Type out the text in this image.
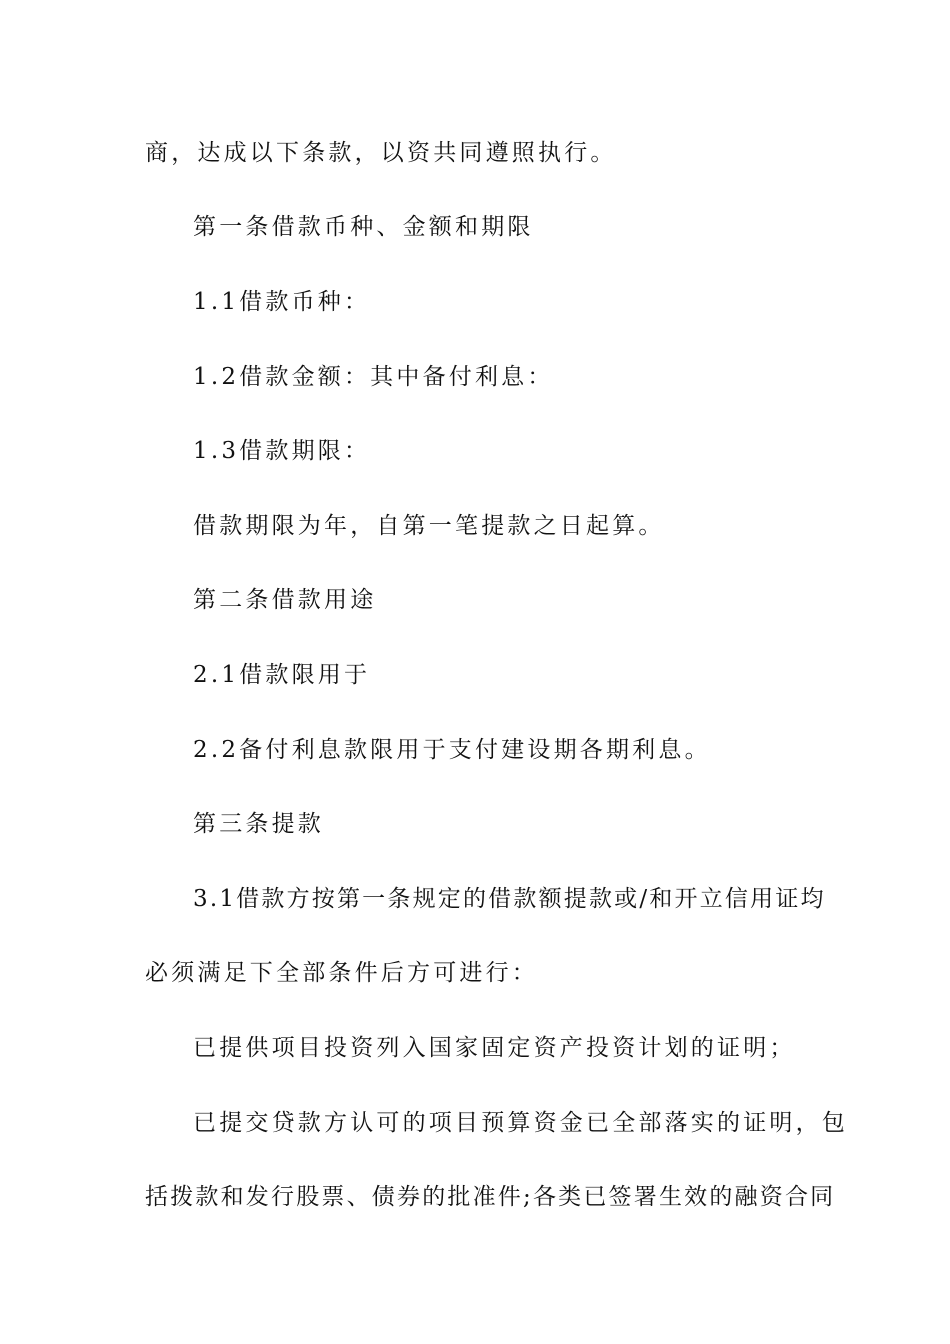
商，达成以下条款，以资共同遵照执行。
第一条借款币种、金额和期限
1.1借款币种：
1.2借款金额：其中备付利息：
1.3借款期限：
借款期限为年，自第一笔提款之日起算。
第二条借款用途
2.1借款限用于
2.2备付利息款限用于支付建设期各期利息。
第三条提款
3.1借款方按第一条规定的借款额提款或/和开立信用证均
必须满足下全部条件后方可进行：
已提供项目投资列入国家固定资产投资计划的证明；
已提交贷款方认可的项目预算资金已全部落实的证明，包
括拨款和发行股票、债券的批准件;各类已签署生效的融资合同
